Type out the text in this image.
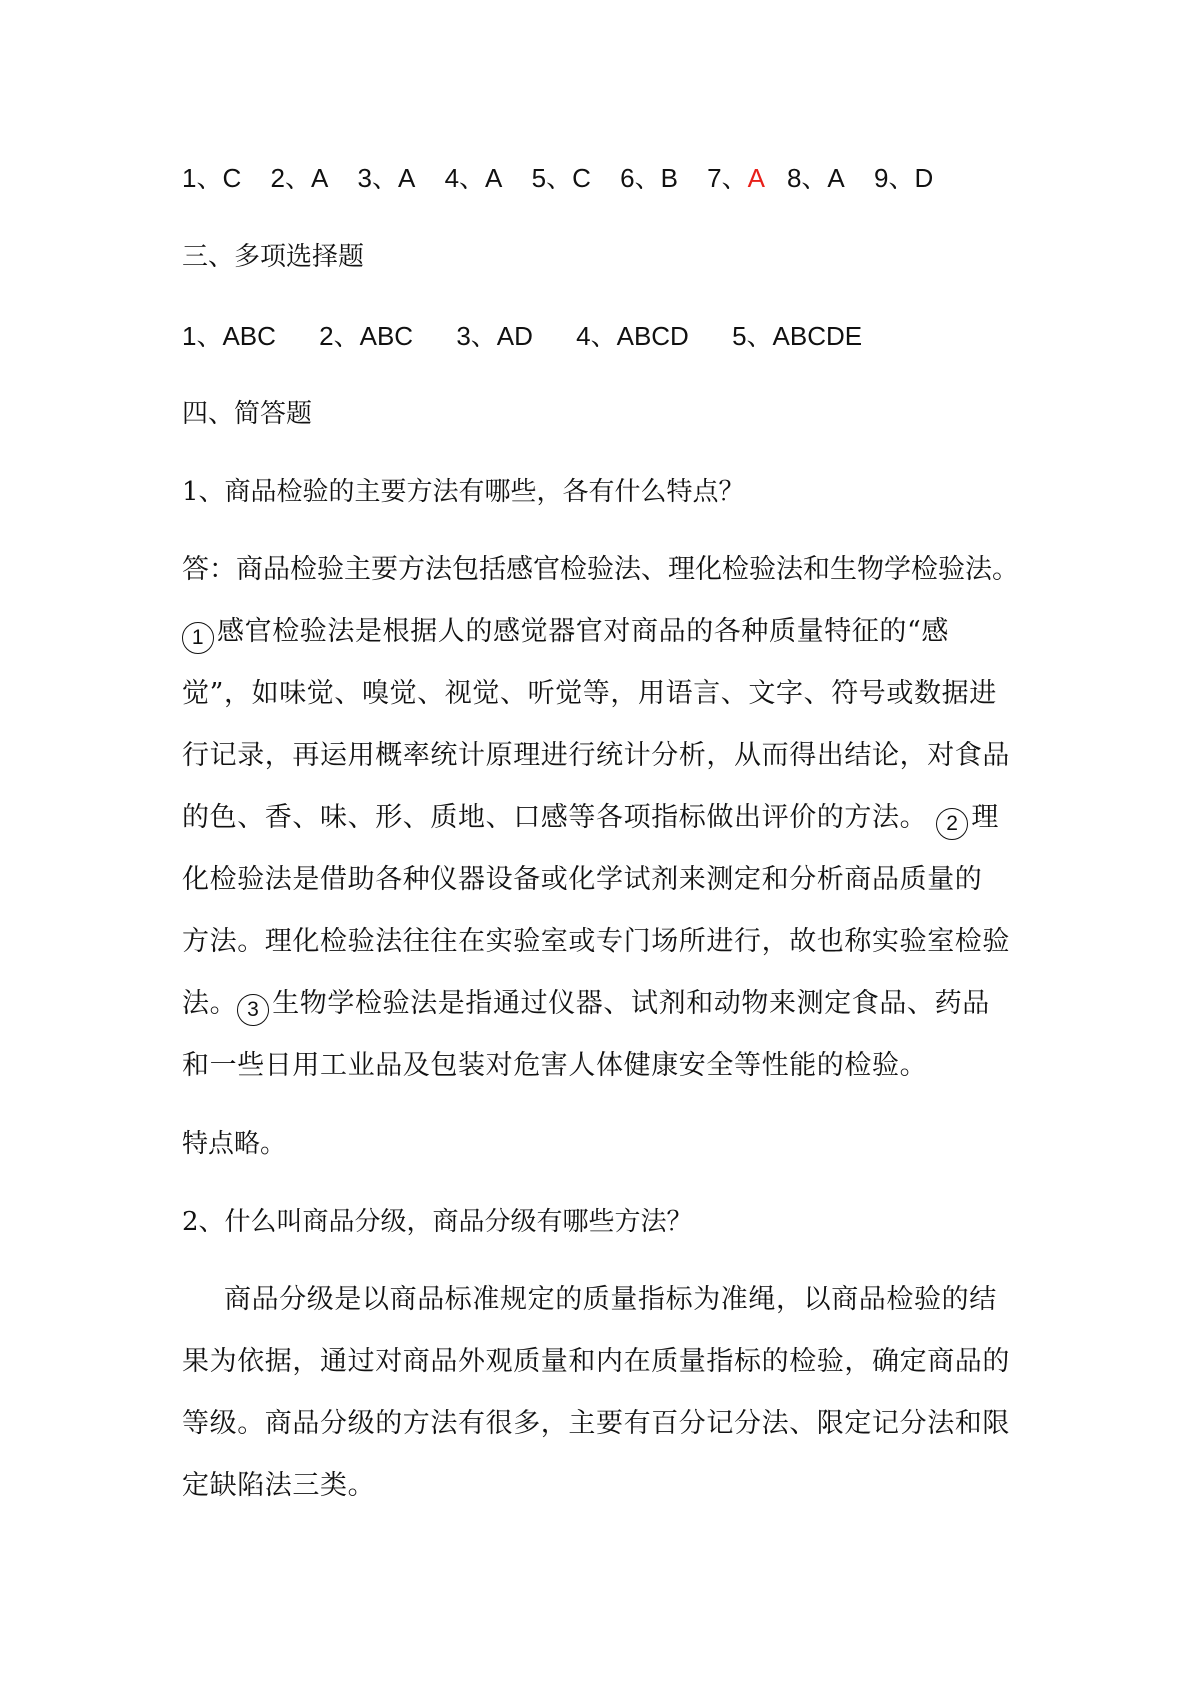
1、C 2、A 3、A 4、A 5、C 6、B 7、A 8、A 9、D
三、多项选择题
1、ABC 2、ABC 3、AD 4、ABCD 5、ABCDE
四、简答题
1、商品检验的主要方法有哪些，各有什么特点？
答：商品检验主要方法包括感官检验法、理化检验法和生物学检验法。
1 感官检验法是根据人的感觉器官对商品的各种质量特征的“感
觉”，如味觉、嗅觉、视觉、听觉等，用语言、文字、符号或数据进
行记录，再运用概率统计原理进行统计分析，从而得出结论，对食品
的色、香、味、形、质地、口感等各项指标做出评价的方法。 2 理
化检验法是借助各种仪器设备或化学试剂来测定和分析商品质量的
方法。理化检验法往往在实验室或专门场所进行，故也称实验室检验
法。 3 生物学检验法是指通过仪器、试剂和动物来测定食品、药品
和一些日用工业品及包装对危害人体健康安全等性能的检验。
特点略。
2、什么叫商品分级，商品分级有哪些方法？
商品分级是以商品标准规定的质量指标为准绳，以商品检验的结
果为依据，通过对商品外观质量和内在质量指标的检验，确定商品的
等级。商品分级的方法有很多，主要有百分记分法、限定记分法和限
定缺陷法三类。
